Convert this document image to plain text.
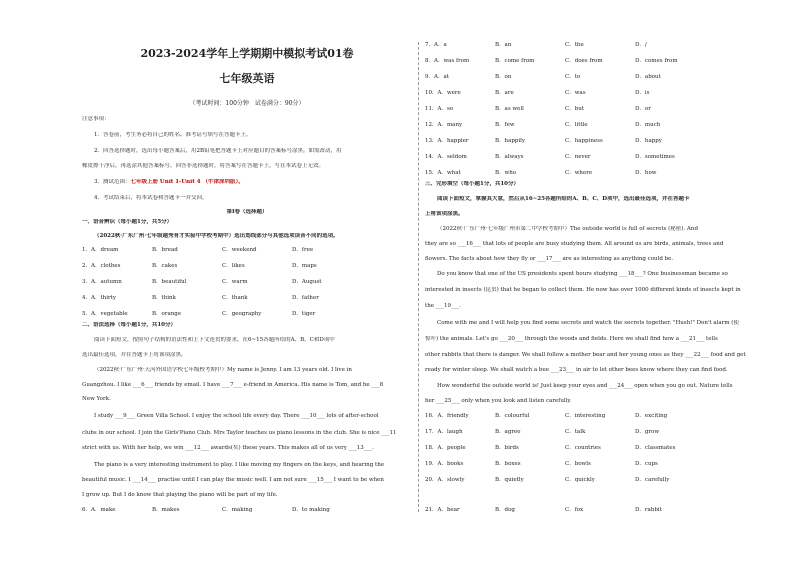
2023-2024学年上学期期中模拟考试01卷
七年级英语
（考试时间：100分钟　试卷满分：90分）
注意事项：
1．答卷前，考生务必将自己的姓名、准考证号填写在答题卡上。
2．回答选择题时，选出每小题答案后，用2B铅笔把答题卡上对应题目的答案标号涂黑。如需改动，用
橡皮擦干净后，再选涂其他答案标号。回答非选择题时，将答案写在答题卡上。写在本试卷上无效。
3．测试范围：七年级上册 Unit 1-Unit 4 （牛津深圳版）。
4．考试结束后，将本试卷和答题卡一并交回。
第Ⅰ卷（选择题）
一、语音辨识（每小题1分，共5分）
（2022秋·广东广州·七年级越秀育才实验中学校考期中）选出划线部分与其他选项读音不同的选项。
1．A．dream	B．bread	C．weekend	D．free
2．A．clothes	B．cakes	C．likes	D．maps
3．A．autumn	B．beautiful	C．warm	D．August
4．A．thirty	B．think	C．thank	D．father
5．A．vegetable	B．orange	C．geography	D．tiger
二、语法选择（每小题1分，共10分）
阅读下面短文，按照句子结构的语法性和上下文连贯的要求，在6~15各题所给的A、B、C和D项中
选出最佳选项，并在答题卡上将该项涂黑。
（2022秋·广东广州·天河外国语学校七年级校考期中）My name is Jenny. I am 13 years old. I live in
Guangzhou. I like ___6___ friends by email. I have ___7___ e-friend in America. His name is Tom, and he ___8
New York.
I study ___9___ Green Villa School. I enjoy the school life every day. There ___10___ lots of after-school
clubs in our school. I join the Girls'Piano Club. Mrs Taylor teaches us piano lessons in the club. She is nice ___11
strict with us. With her help, we win ___12___ awards(奖) these years. This makes all of us very ___13___.
The piano is a very interesting instrument to play. I like moving my fingers on the keys, and hearing the
beautiful music. I ___14___ practise until I can play the music well. I am not sure ___15___ I want to be when
I grow up. But I do know that playing the piano will be part of my life.
6．A．make	B．makes	C．making	D．to making
7．A．a	B．an	C．the	D．/
8．A．was from	B．come from	C．does from	D．comes from
9．A．at	B．on	C．to	D．about
10．A．were	B．are	C．was	D．is
11．A．so	B．as well	C．but	D．or
12．A．many	B．few	C．little	D．much
13．A．happier	B．happily	C．happiness	D．happy
14．A．seldom	B．always	C．never	D．sometimes
15．A．what	B．who	C．where	D．how
三、完形填空（每小题1分，共10分）
阅读下面短文，掌握其大意，然后从16~25各题所给的A、B、C、D项中，选出最佳选项，并在答题卡
上将该项涂黑。
（2022秋·广东广州·七年级广州市第二中学校考期中）The outside world is full of secrets (秘密). And
they are so ___16___ that lots of people are busy studying them. All around us are birds, animals, trees and
flowers. The facts about how they fly or ___17___ are as interesting as anything could be.
Do you know that one of the US presidents spent hours studying ___18___? One businessman became so
interested in insects (昆虫) that he began to collect them. He now has over 1000 different kinds of insects kept in
the ___19___.
Come with me and I will help you find some secrets and watch the secrets together. "Hush!" Don't alarm (使
惊吓) the animals. Let's go ___20___ through the woods and fields. Here we shall find how a ___21___ tells
other rabbits that there is danger. We shall follow a mother bear and her young ones as they ___22___ food and get
ready for winter sleep. We shall watch a bee ___23___ in air to let other bees know where they can find food.
How wonderful the outside world is! Just keep your eyes and ___24___ open when you go out. Nature tells
her ___25___ only when you look and listen carefully.
16．A．friendly	B．colourful	C．interesting	D．exciting
17．A．laugh	B．agree	C．talk	D．grow
18．A．people	B．birds	C．countries	D．classmates
19．A．books	B．boxes	C．bowls	D．cups
20．A．slowly	B．quietly	C．quickly	D．carefully
21．A．bear	B．dog	C．fox	D．rabbit
